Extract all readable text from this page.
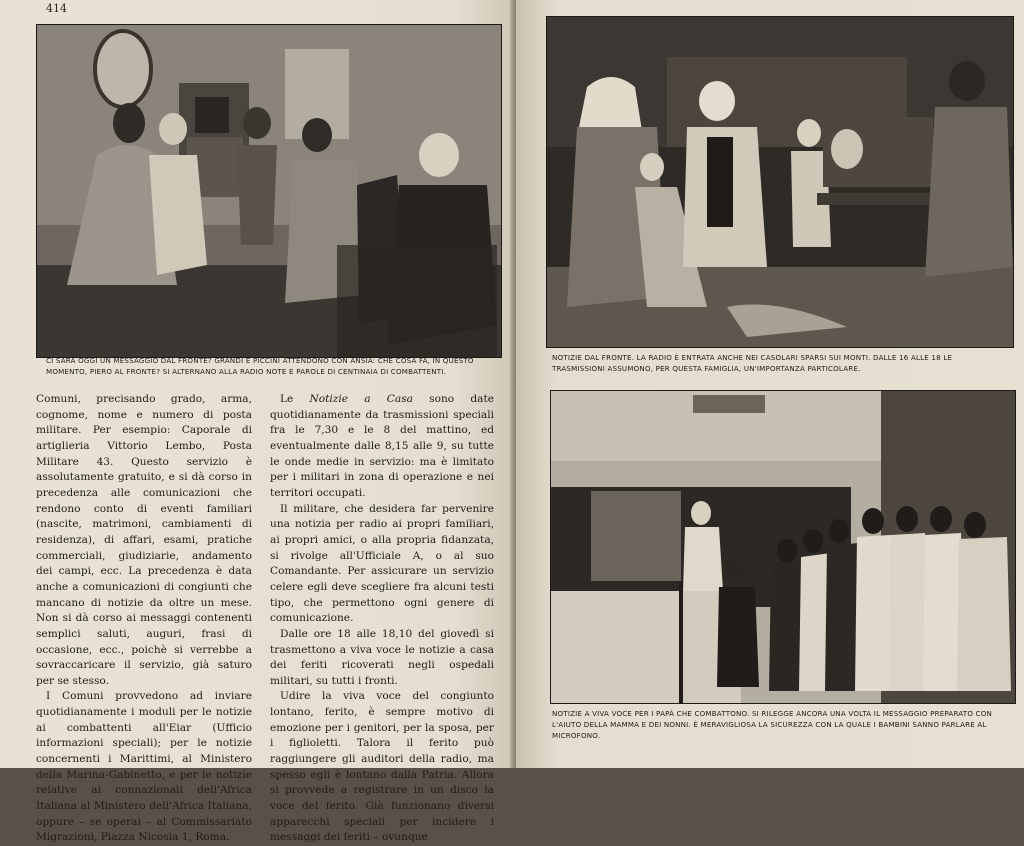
414
CI SARÀ OGGI UN MESSAGGIO DAL FRONTE? GRANDI E PICCINI ATTENDONO CON ANSIA: CHE COSA FA, IN QUESTO MOMENTO, PIERO AL FRONTE? SI ALTERNANO ALLA RADIO NOTE E PAROLE DI CENTINAIA DI COMBATTENTI.

Comuni, precisando grado, arma, cognome, nome e numero di posta militare. Per esempio: Caporale di artiglieria Vittorio Lembo, Posta Militare 43. Questo servizio è assolutamente gratuito, e si dà corso in precedenza alle comunicazioni che rendono conto di eventi familiari (nascite, matrimoni, cambiamenti di residenza), di affari, esami, pratiche commerciali, giudiziarie, andamento dei campi, ecc. La precedenza è data anche a comunicazioni di congiunti che mancano di notizie da oltre un mese. Non si dà corso ai messaggi contenenti semplici saluti, auguri, frasi di occasione, ecc., poichè si verrebbe a sovraccaricare il servizio, già saturo per se stesso.

I Comuni provvedono ad inviare quotidianamente i moduli per le notizie ai combattenti all'Eiar (Ufficio informazioni speciali); per le notizie concernenti i Marittimi, al Ministero della Marina-Gabinetto, e per le notizie relative ai connazionali dell'Africa Italiana al Ministero dell'Africa Italiana, oppure – se operai – al Commissariato Migrazioni, Piazza Nicosia 1, Roma.

Le Notizie a Casa sono date quotidianamente da trasmissioni speciali fra le 7,30 e le 8 del mattino, ed eventualmente dalle 8,15 alle 9, su tutte le onde medie in servizio: ma è limitato per i militari in zona di operazione e nei territori occupati.

Il militare, che desidera far pervenire una notizia per radio ai propri familiari, ai propri amici, o alla propria fidanzata, si rivolge all'Ufficiale A, o al suo Comandante. Per assicurare un servizio celere egli deve scegliere fra alcuni testi tipo, che permettono ogni genere di comunicazione.

Dalle ore 18 alle 18,10 del giovedì si trasmettono a viva voce le notizie a casa dei feriti ricoverati negli ospedali militari, su tutti i fronti.

Udire la viva voce del congiunto lontano, ferito, è sempre motivo di emozione per i genitori, per la sposa, per i figlioletti. Talora il ferito può raggiungere gli auditori della radio, ma spesso egli è lontano dalla Patria. Allora si provvede a registrare in un disco la voce del ferito. Già funzionano diversi apparecchi speciali per incidere i messaggi dei feriti – ovunque

NOTIZIE DAL FRONTE. LA RADIO È ENTRATA ANCHE NEI CASOLARI SPARSI SUI MONTI. DALLE 16 ALLE 18 LE TRASMISSIONI ASSUMONO, PER QUESTA FAMIGLIA, UN'IMPORTANZA PARTICOLARE.
NOTIZIE A VIVA VOCE PER I PAPÀ CHE COMBATTONO. SI RILEGGE ANCORA UNA VOLTA IL MESSAGGIO PREPARATO CON L'AIUTO DELLA MAMMA E DEI NONNI. È MERAVIGLIOSA LA SICUREZZA CON LA QUALE I BAMBINI SANNO PARLARE AL MICROFONO.
